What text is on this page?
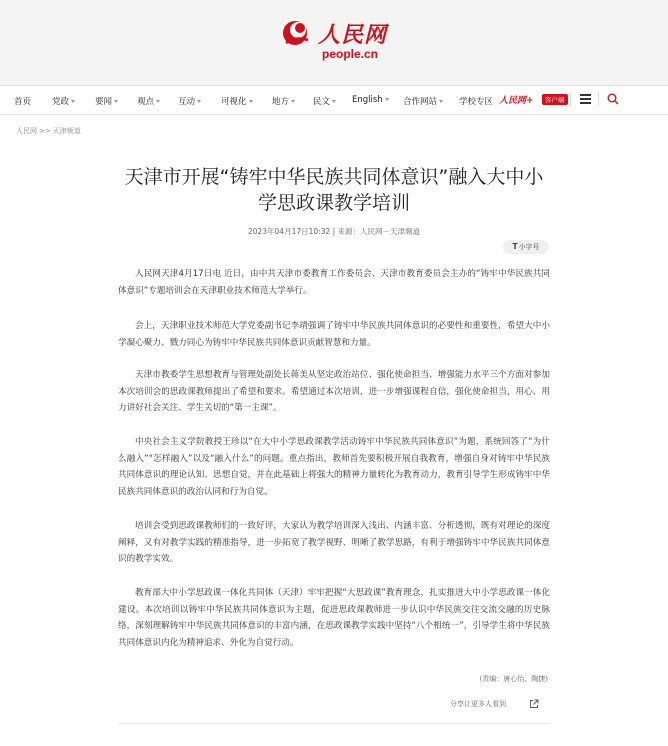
人民网
people.cn
首页 党政	要闻	观点	互动	可视化	地方	民文	English	合作网站	学校专区 人民网+	客户端
人民网 >> 天津频道
天津市开展“铸牢中华民族共同体意识”融入大中小学思政课教学培训
2023年04月17日10:32 | 来源：人民网－天津频道
T小字号

人民网天津4月17日电 近日，由中共天津市委教育工作委员会、天津市教育委员会主办的“铸牢中华民族共同体意识”专题培训会在天津职业技术师范大学举行。

会上，天津职业技术师范大学党委副书记李靖强调了铸牢中华民族共同体意识的必要性和重要性，希望大中小学凝心聚力、戮力同心为铸牢中华民族共同体意识贡献智慧和力量。

天津市教委学生思想教育与管理处副处长蒋美从坚定政治站位、强化使命担当、增强能力水平三个方面对参加本次培训会的思政课教师提出了希望和要求。希望通过本次培训，进一步增强课程自信，强化使命担当，用心、用力讲好社会关注、学生关切的“第一主课”。

中央社会主义学院教授王珍以“在大中小学思政课教学活动铸牢中华民族共同体意识”为题，系统回答了“为什么融入”“怎样融入”以及“融入什么”的问题。重点指出，教师首先要积极开展自我教育，增强自身对铸牢中华民族共同体意识的理论认知、思想自觉，并在此基础上将强大的精神力量转化为教育动力，教育引导学生形成铸牢中华民族共同体意识的政治认同和行为自觉。

培训会受到思政课教师们的一致好评，大家认为教学培训深入浅出、内涵丰富、分析透彻，既有对理论的深度阐释，又有对教学实践的精准指导，进一步拓宽了教学视野、明晰了教学思路，有利于增强铸牢中华民族共同体意识的教学实效。

教育部大中小学思政课一体化共同体（天津）牢牢把握“大思政课”教育理念，扎实推进大中小学思政课一体化建设。本次培训以铸牢中华民族共同体意识为主题，促进思政课教师进一步认识中华民族交往交流交融的历史脉络，深刻理解铸牢中华民族共同体意识的丰富内涵，在思政课教学实践中坚持“八个相统一”，引导学生将中华民族共同体意识内化为精神追求、外化为自觉行动。

(责编：唐心怡、陶捷)
分享让更多人看到
